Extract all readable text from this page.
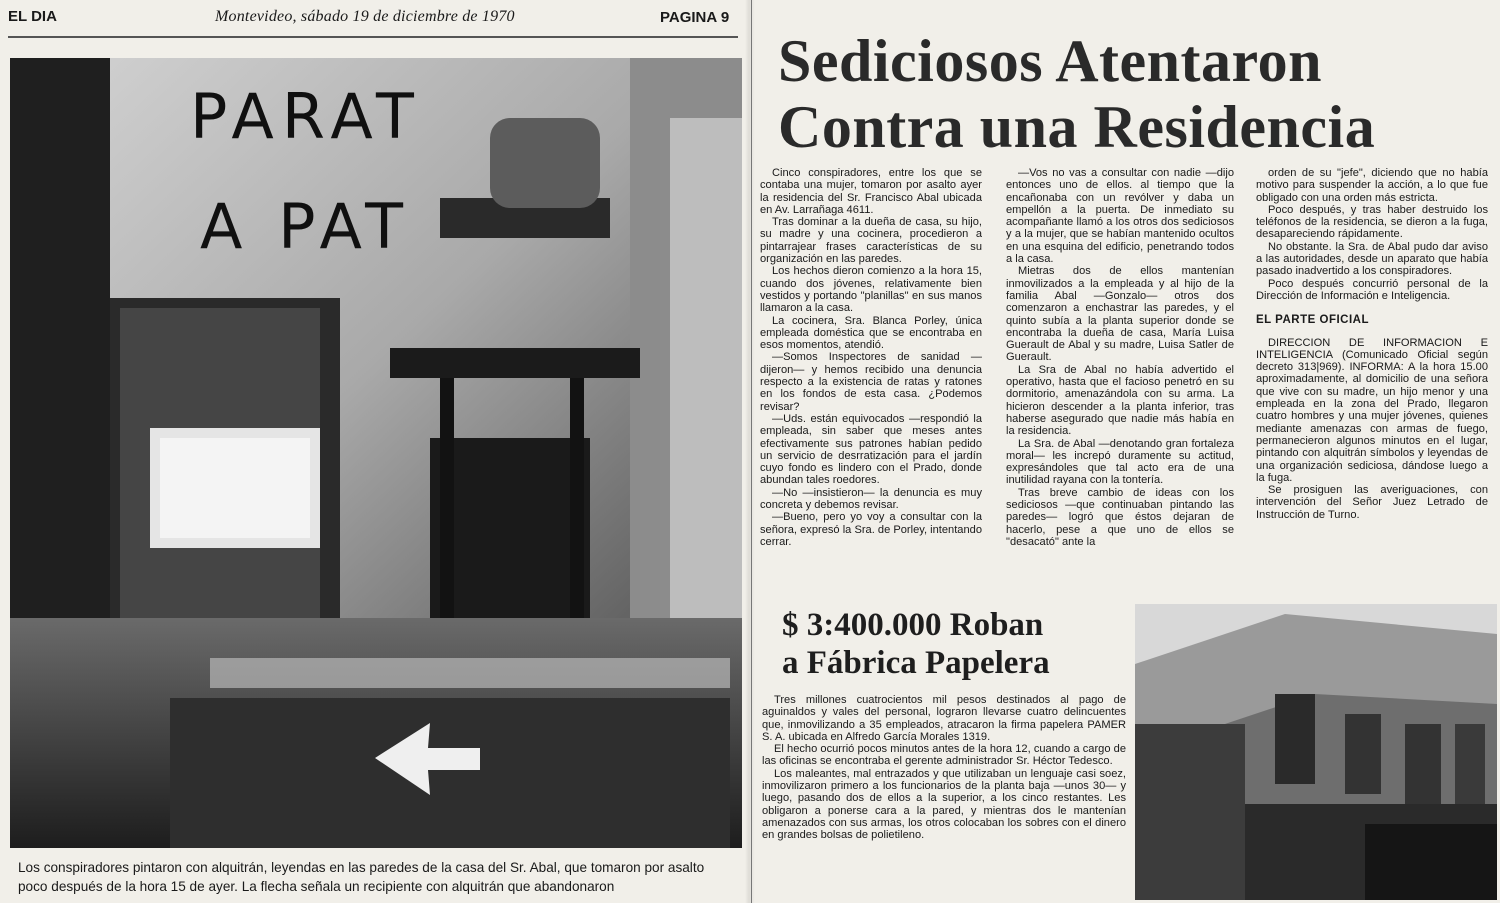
EL DIA	Montevideo, sábado 19 de diciembre de 1970	PAGINA 9
PARAT
A PAT
Los conspiradores pintaron con alquitrán, leyendas en las paredes de la casa del Sr. Abal, que tomaron por asalto poco después de la hora 15 de ayer. La flecha señala un recipiente con alquitrán que abandonaron
Sediciosos Atentaron
Contra una Residencia

Cinco conspiradores, entre los que se contaba una mujer, tomaron por asalto ayer la residencia del Sr. Francisco Abal ubicada en Av. Larrañaga 4611.

Tras dominar a la dueña de casa, su hijo, su madre y una cocinera, procedieron a pintarrajear frases características de su organización en las paredes.

Los hechos dieron comienzo a la hora 15, cuando dos jóvenes, relativamente bien vestidos y portando "planillas" en sus manos llamaron a la casa.

La cocinera, Sra. Blanca Porley, única empleada doméstica que se encontraba en esos momentos, atendió.

—Somos Inspectores de sanidad —dijeron— y hemos recibido una denuncia respecto a la existencia de ratas y ratones en los fondos de esta casa. ¿Podemos revisar?

—Uds. están equivocados —respondió la empleada, sin saber que meses antes efectivamente sus patrones habían pedido un servicio de desrratización para el jardín cuyo fondo es lindero con el Prado, donde abundan tales roedores.

—No —insistieron— la denuncia es muy concreta y debemos revisar.

—Bueno, pero yo voy a consultar con la señora, expresó la Sra. de Porley, intentando cerrar.

—Vos no vas a consultar con nadie —dijo entonces uno de ellos. al tiempo que la encañonaba con un revólver y daba un empellón a la puerta. De inmediato su acompañante llamó a los otros dos sediciosos y a la mujer, que se habían mantenido ocultos en una esquina del edificio, penetrando todos a la casa.

Mietras dos de ellos mantenían inmovilizados a la empleada y al hijo de la familia Abal —Gonzalo— otros dos comenzaron a enchastrar las paredes, y el quinto subía a la planta superior donde se encontraba la dueña de casa, María Luisa Guerault de Abal y su madre, Luisa Satler de Guerault.

La Sra de Abal no había advertido el operativo, hasta que el facioso penetró en su dormitorio, amenazándola con su arma. La hicieron descender a la planta inferior, tras haberse asegurado que nadie más había en la residencia.

La Sra. de Abal —denotando gran fortaleza moral— les increpó duramente su actitud, expresándoles que tal acto era de una inutilidad rayana con la tontería.

Tras breve cambio de ideas con los sediciosos —que continuaban pintando las paredes— logró que éstos dejaran de hacerlo, pese a que uno de ellos se "desacató" ante la

orden de su "jefe", diciendo que no había motivo para suspender la acción, a lo que fue obligado con una orden más estricta.

Poco después, y tras haber destruido los teléfonos de la residencia, se dieron a la fuga, desapareciendo rápidamente.

No obstante. la Sra. de Abal pudo dar aviso a las autoridades, desde un aparato que había pasado inadvertido a los conspiradores.

Poco después concurrió personal de la Dirección de Información e Inteligencia.

EL PARTE OFICIAL

DIRECCION DE INFORMACION E INTELIGENCIA (Comunicado Oficial según decreto 313|969). INFORMA: A la hora 15.00 aproximadamente, al domicilio de una señora que vive con su madre, un hijo menor y una empleada en la zona del Prado, llegaron cuatro hombres y una mujer jóvenes, quienes mediante amenazas con armas de fuego, permanecieron algunos minutos en el lugar, pintando con alquitrán símbolos y leyendas de una organización sediciosa, dándose luego a la fuga.

Se prosiguen las averiguaciones, con intervención del Señor Juez Letrado de Instrucción de Turno.

$ 3:400.000 Roban
a Fábrica Papelera

Tres millones cuatrocientos mil pesos destinados al pago de aguinaldos y vales del personal, lograron llevarse cuatro delincuentes que, inmovilizando a 35 empleados, atracaron la firma papelera PAMER S. A. ubicada en Alfredo García Morales 1319.

El hecho ocurrió pocos minutos antes de la hora 12, cuando a cargo de las oficinas se encontraba el gerente administrador Sr. Héctor Tedesco.

Los maleantes, mal entrazados y que utilizaban un lenguaje casi soez, inmovilizaron primero a los funcionarios de la planta baja —unos 30— y luego, pasando dos de ellos a la superior, a los cinco restantes. Les obligaron a ponerse cara a la pared, y mientras dos le mantenían amenazados con sus armas, los otros colocaban los sobres con el dinero en grandes bolsas de polietileno.
